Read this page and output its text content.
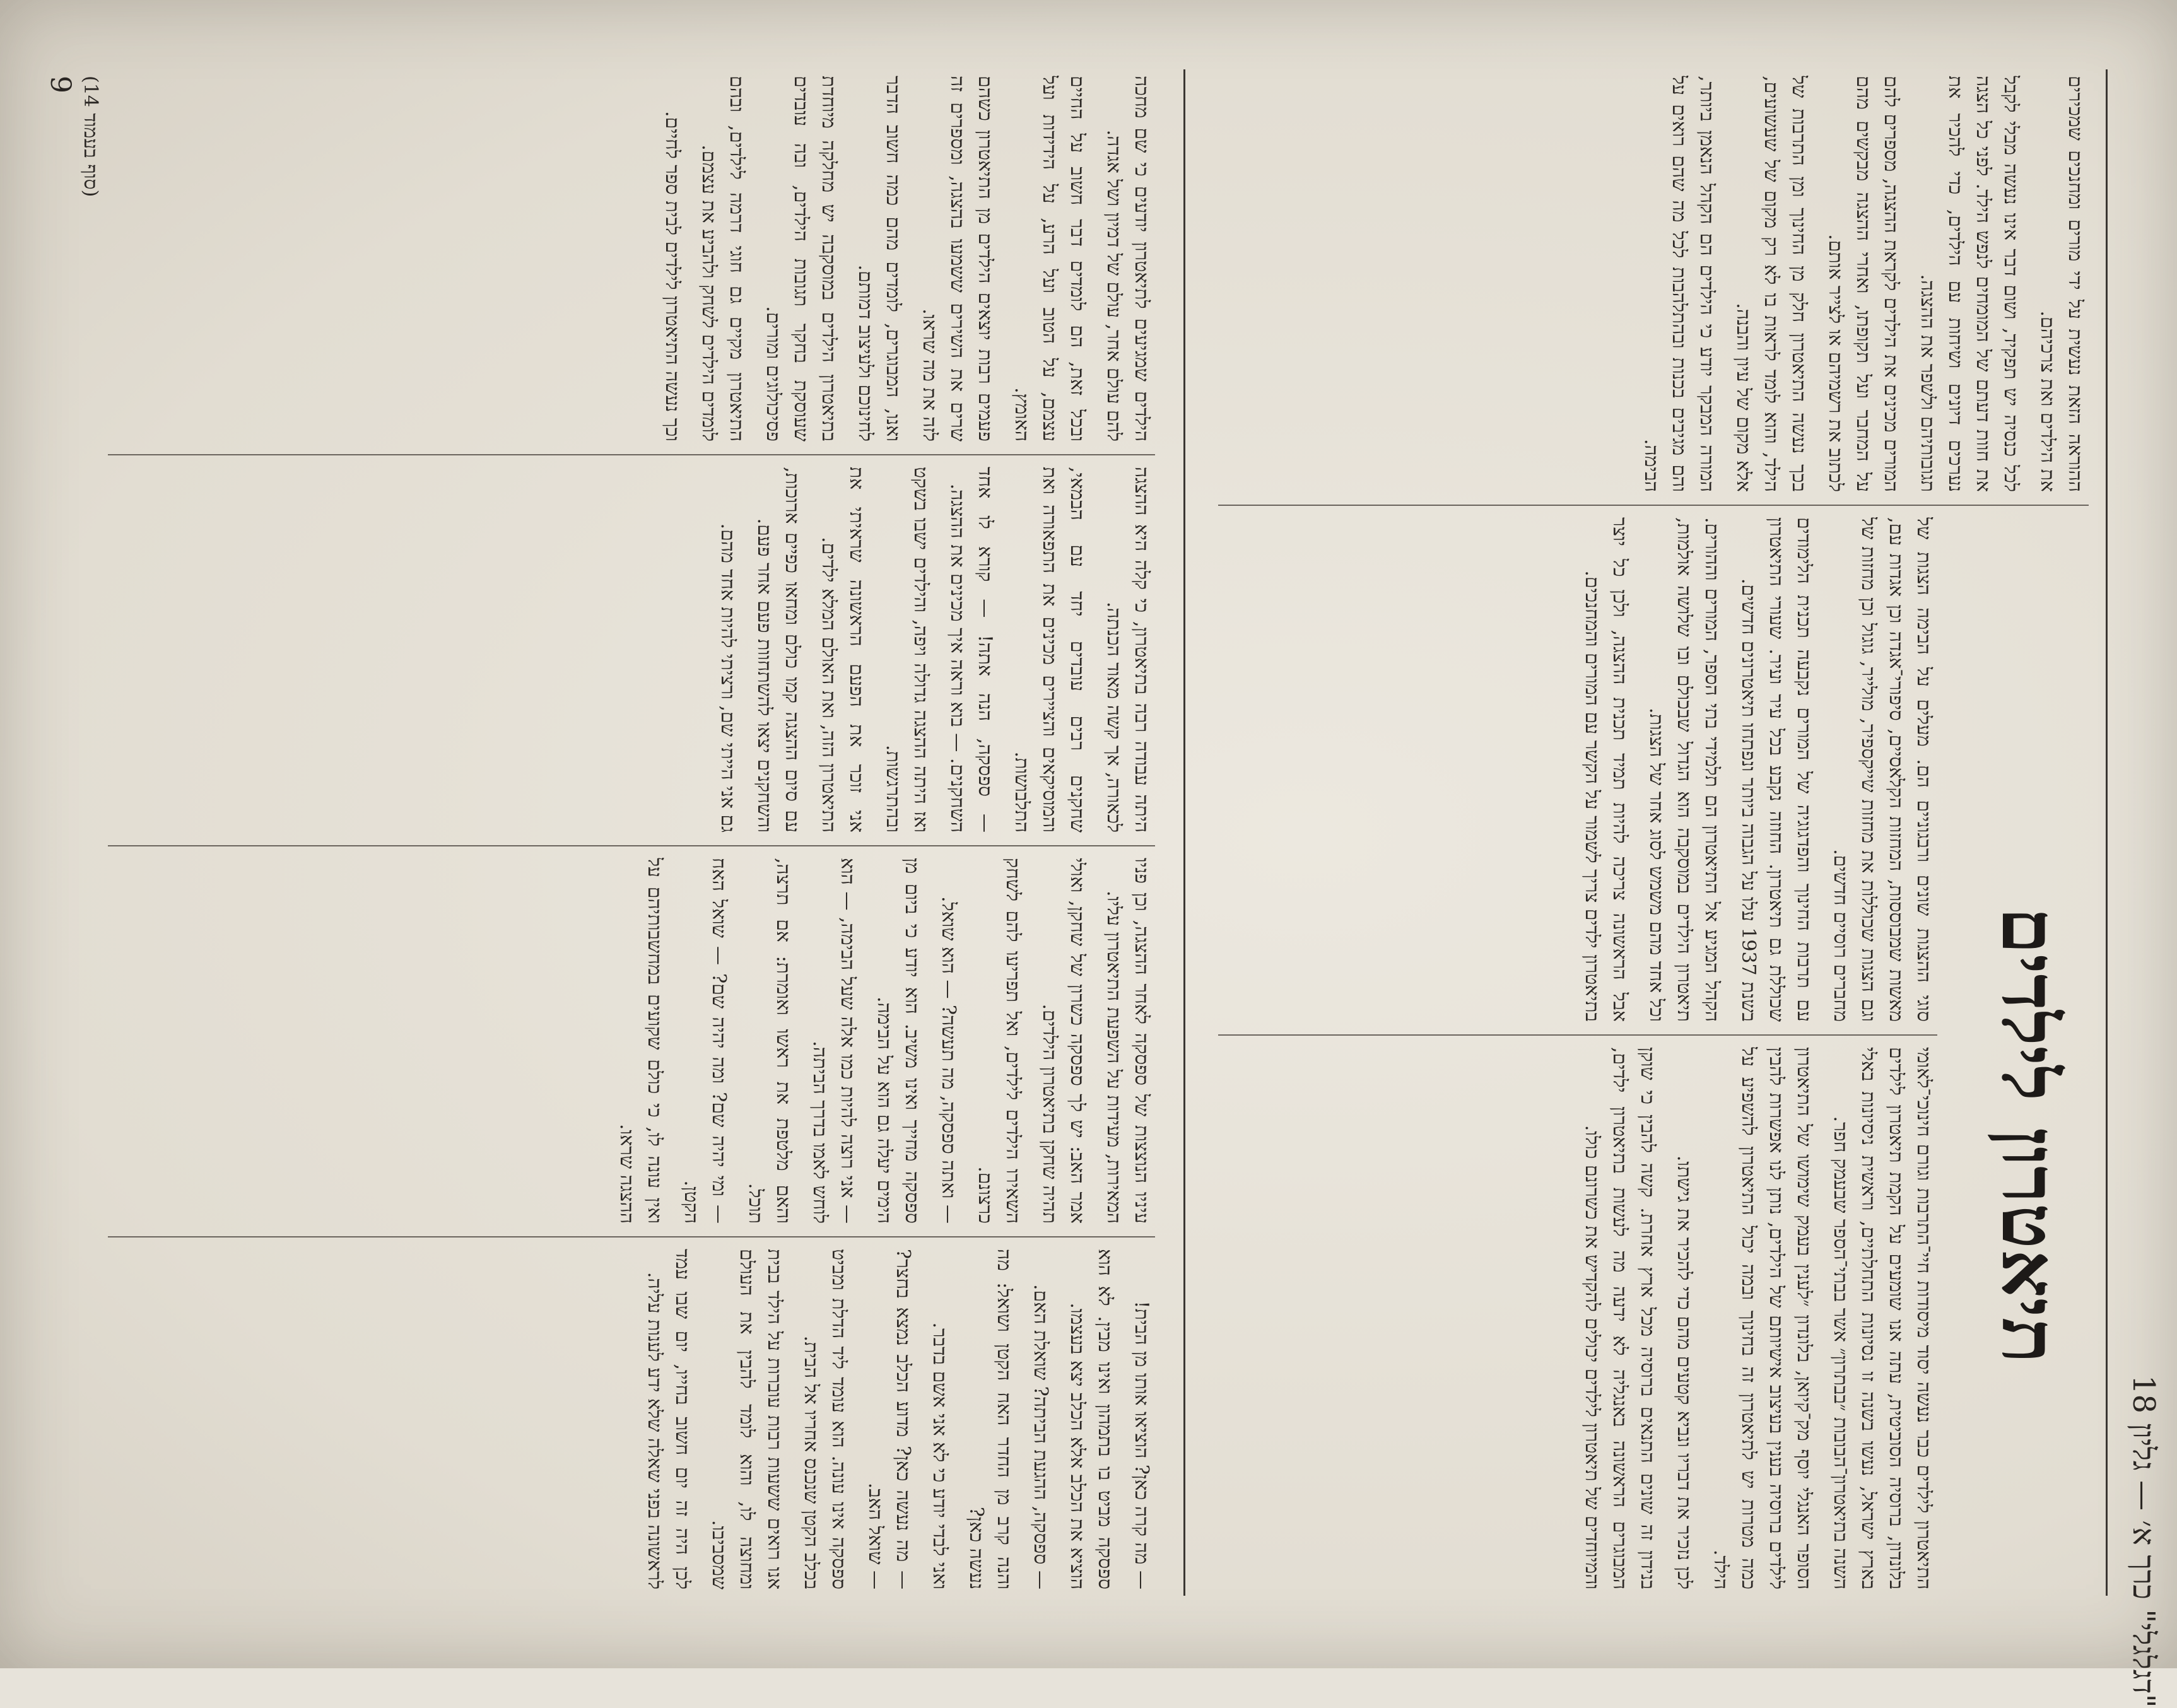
"דגלגלי" כרך א׳ — גליון 18
תיאטרון לילדים

התיאטרון לילדים כבר נעשה יסוד מיסודות חיי־התרבות וגורם חינוכי־לאומי בלונדון, ברוסיה הסוביטית, עתה אנו שומעים על הקמת תיאטרון לילדים בארץ ישראל, נעשו בשנה זו נסיונות התחלתיים, וראשית ניסיונות באלי השנה בתיאטרון־הבובות ״בבתרון״ אשר בבתי־הספר שבעמק חפר.

הסופר האנגלי יוסף מק־קיואן, בלונדון ״לענין בעמק שימושו של התיאטרון לילדים ברוסיה בענין בעיצוב אישיותם של הילדים, נותן לנו אפשרות להבין כמה מטרות יש לתיאטרון זה בחינוך ובמה יכול התיאטרון להשפיע על הילד.

לכן נזכיר את דבריו ונביא קטעים מהם כדי להכיר את גישתו.

בנידון זה שונים התנאים ברוסיה מכל ארץ אחרת. קשה להבין כי שוקן המבוגרים הראשונה באנגליה לא ידעה מה לעשות בתיאטרון ילדים, והמיוחדים של תיאטרון לילדים יכולים להקדיש את כשרונם כולו.

סוגי ההצגות שונים ורבגוניים הם. מעלים על הבימה הצגות של מאשות שמבוססות, המחזות הקלאסיים, סיפורי־אגדה וכן אגדות עם, וגם הצגות שכוללות את מחזות שייקספיר, מולייר, גוגול וכן מחזות של מחברים רוסיים חדשים.

עם תרבות החינוך והפדגוגיה של המורים נקבעה תכנית הלימודים שכוללת גם תיאטרון. החוזה נקבע בכל עיר ועיר. שעורי התיאטרון בשנת 1937 עלו על הגבוה ביותר ונפתחו תיאטרונים חדשים.

הקהל המגיע אל התיאטרון הם תלמידי בתי הספר, המורים וההורים. תיאטרון הילדים במוסקבה הוא הגדול שבכולם ובו שלושה אולמות, וכל אחד מהם משמש לסוג אחר של הצגות.

אבל הראשונה צריכה להיות תמיד תכנית ההצגה, ולכן כל יוצר בתיאטרון ילדים צריך לשמור על הקשר עם המורים והמחנכים.

ההוראה הזאת נעשית על ידי מורים ומחנכים שמכירים את הילדים ואת צרכיהם.

לכל כנסיה יש תפקיד, ושום דבר אינו נעשה מבלי לקבל את חוות דעתם של המומחים לנפש הילד. לפני כל הצגה נערכים דיונים ושיחות עם הילדים, כדי להכיר את תגובותיהם ולשפר את ההצגה.

המורים מכינים את הילדים לקראת ההצגה, מספרים להם על המחבר ועל תקופתו, ואחרי ההצגה מבקשים מהם לכתוב את רשמיהם או לצייר אותם.

בכך נעשה התיאטרון חלק מן החינוך ומן התרבות של הילד, והוא לומד לראות בו לא רק מקום של שעשועים, אלא מקום של עיון והבנה.

המורה המבקר יודע כי הילדים הם הקהל הנאמן ביותר, והם מגיבים בכנות ובהתלהבות לכל מה שהם רואים על הבימה.

— מה קרה כאן? הוציאו אותו מן הבית!

ספסקה מביט בו בתמהון ואינו מבין. לא הוא הוציא את הכלב אלא הכלב יצא בעצמו.

— ספסקה, ההגעת הביתה? שואלת האם.

והנה קרב מן החדר האח הקטן ושואל: מה נעשה כאן?

ואני לבדי יודע כי לא אני אשם בדבר.

— מה נעשה כאן? מדוע הכלב נמצא בחצר? — שואל האב.

ספסקה אינו עונה. הוא עומד ליד הדלת ומביט בכלב הקטן שנכנס אחריו אל הבית.

אנו רואים ששעות רבות עוברות על הילד בבית ומחוצה לו, והוא לומד להבין את העולם שמסביבו.

לכן היה זה יום חשוב בחייו, יום שבו עמד לראשונה בפני שאלה שלא ידע לענות עליה.

עיניו הנוצצות של ספסקה לאחר ההצגה, וכן פניו המאירות, מעידות על השפעת התיאטרון עליו.

אמר האב: יש לך ספסקה כשרון של שחקן, ואולי תהיה שחקן בתיאטרון הילדים.

השאירו הילדים לילדים, ואל תפריעו להם לשחק כרצונם.

— ואתה ספסקה, מה תעשה? — הוא שואל.

ספסקה מחייך ואינו משיב. הוא יודע כי ביום מן הימים יעלה גם הוא על הבימה.

— אני רוצה להיות כמו אלה שעל הבימה, — הוא לוחש לאמו בדרך הביתה.

והאם מלטפת את ראשו ואומרת: אם תרצה, תוכל.

— ומי יהיה שם? ומה יהיה שם? — שואל האח הקטן.

ואין עונה לו, כי כולם שקועים במחשבותיהם על ההצגה שראו.

היתה עבודה רבה בתיאטרון, כי קלה היא ההצגה לכאורה, אך קשה מאוד הכנתה.

שחקנים רבים עובדים יחד עם הבמאי, והמוסיקאים והציירים מכינים את התפאורה ואת התלבושות.

— ספסקה, הנה אתה! — קורא לו אחד השחקנים. — בוא וראה איך מכינים את ההצגה.

ואז היתה ההצגה גדולה ויפה, והילדים ישבו בשקט ובהתרגשות.

אני זוכר את הפעם הראשונה שראיתי את התיאטרון הזה, ואת האולם המלא ילדים.

עם סיום ההצגה קמו כולם ומחאו כפיים ארוכות, והשחקנים יצאו להשתחוות פעם אחר פעם.

גם אני הייתי שם, ורציתי להיות אחד מהם.

הילדים שמגיעים לתיאטרון יודעים כי שם מחכה להם עולם אחר, עולם של דמיון ושל אגדה.

ובכל זאת, הם לומדים דבר חשוב על החיים עצמם, על הטוב ועל הרע, על הידידות ועל האומץ.

פעמים רבות יוצאים הילדים מן התיאטרון כשהם שרים את השירים ששמעו בהצגה, ומספרים זה לזה את מה שראו.

ואנו, המבוגרים, לומדים מהם כמה חשוב הדבר לחינוכם ולעיצוב דמותם.

בתיאטרון הילדים במוסקבה יש מחלקה מיוחדת שעוסקת בחקר תגובות הילדים, ובה עובדים פסיכולוגים ומורים.

התיאטרון מקיים גם חוגי דרמה לילדים, ובהם לומדים הילדים לשחק ולהביע את עצמם.

וכך נעשה התיאטרון לילדים לבית ספר לחיים.

(סוף בעמוד 14)
9
